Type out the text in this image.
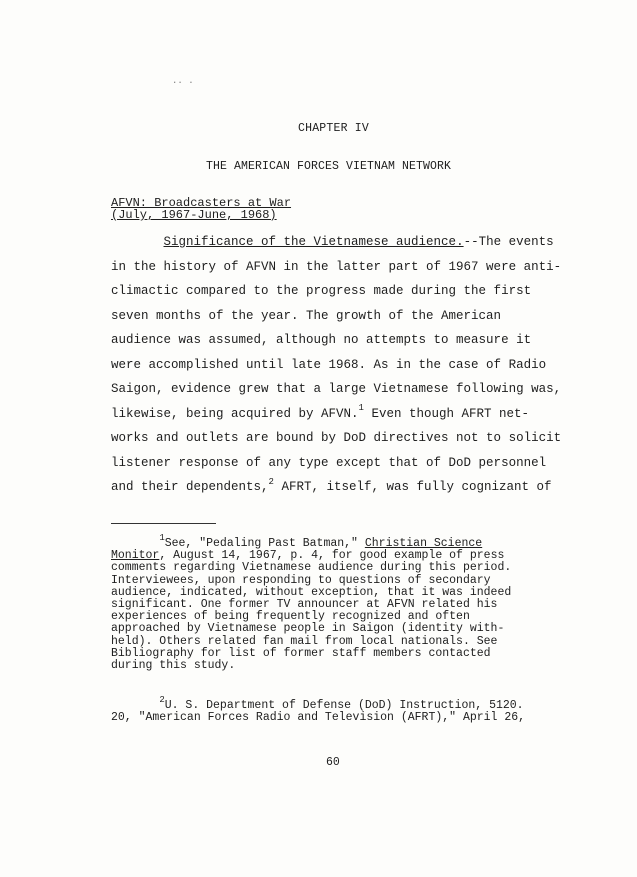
.. .
CHAPTER IV
THE AMERICAN FORCES VIETNAM NETWORK
AFVN: Broadcasters at War
(July, 1967-June, 1968)
Significance of the Vietnamese audience.--The events
in the history of AFVN in the latter part of 1967 were anti-
climactic compared to the progress made during the first
seven months of the year. The growth of the American
audience was assumed, although no attempts to measure it
were accomplished until late 1968. As in the case of Radio
Saigon, evidence grew that a large Vietnamese following was,
likewise, being acquired by AFVN.$^1$ Even though AFRT net-
works and outlets are bound by DoD directives not to solicit
listener response of any type except that of DoD personnel
and their dependents,$^2$ AFRT, itself, was fully cognizant of
$^1$See, "Pedaling Past Batman," Christian Science
Monitor, August 14, 1967, p. 4, for good example of press
comments regarding Vietnamese audience during this period.
Interviewees, upon responding to questions of secondary
audience, indicated, without exception, that it was indeed
significant. One former TV announcer at AFVN related his
experiences of being frequently recognized and often
approached by Vietnamese people in Saigon (identity with-
held). Others related fan mail from local nationals. See
Bibliography for list of former staff members contacted
during this study.
$^2$U. S. Department of Defense (DoD) Instruction, 5120.
20, "American Forces Radio and Television (AFRT)," April 26,
60
